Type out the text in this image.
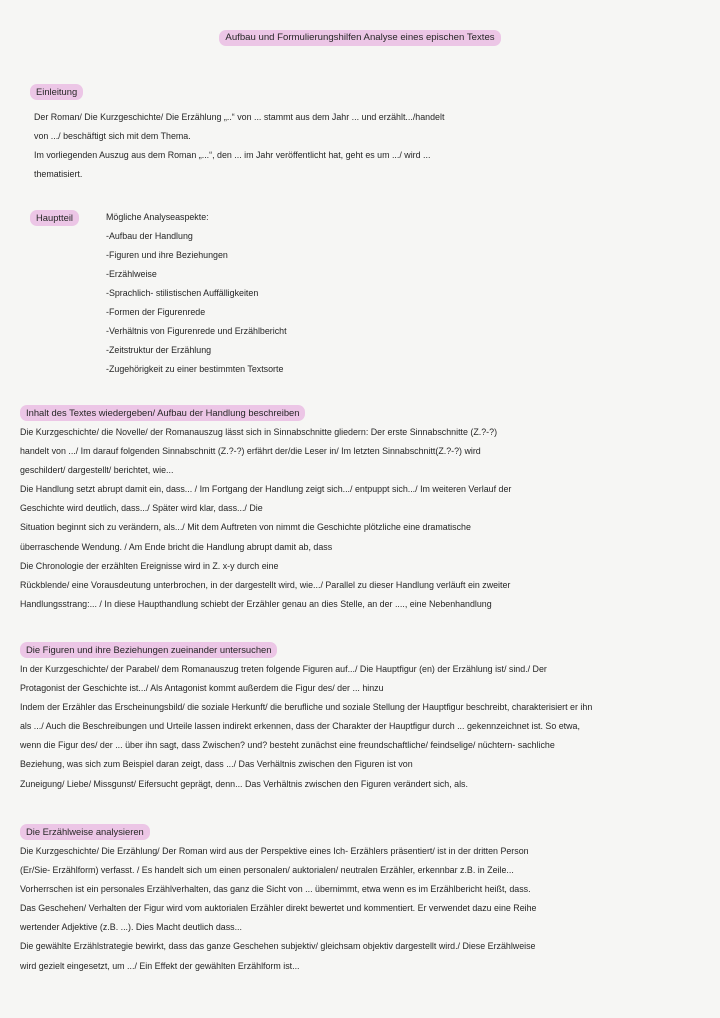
Aufbau und Formulierungshilfen Analyse eines epischen Textes
Einleitung
Der Roman/ Die Kurzgeschichte/ Die Erzählung „..“ von ... stammt aus dem Jahr ... und erzählt.../handelt
von .../ beschäftigt sich mit dem Thema.
Im vorliegenden Auszug aus dem Roman „...“, den ... im Jahr veröffentlicht hat, geht es um .../ wird ...
thematisiert.
Hauptteil	Mögliche Analyseaspekte:
-Aufbau der Handlung
-Figuren und ihre Beziehungen
-Erzählweise
-Sprachlich- stilistischen Auffälligkeiten
-Formen der Figurenrede
-Verhältnis von Figurenrede und Erzählbericht
-Zeitstruktur der Erzählung
-Zugehörigkeit zu einer bestimmten Textsorte
Inhalt des Textes wiedergeben/ Aufbau der Handlung beschreiben
Die Kurzgeschichte/ die Novelle/ der Romanauszug lässt sich in Sinnabschnitte gliedern: Der erste Sinnabschnitte (Z.?-?)
handelt von .../ Im darauf folgenden Sinnabschnitt (Z.?-?) erfährt der/die Leser in/ Im letzten Sinnabschnitt(Z.?-?) wird
geschildert/ dargestellt/ berichtet, wie...
Die Handlung setzt abrupt damit ein, dass... / Im Fortgang der Handlung zeigt sich.../ entpuppt sich.../ Im weiteren Verlauf der
Geschichte wird deutlich, dass.../ Später wird klar, dass.../ Die
Situation beginnt sich zu verändern, als.../ Mit dem Auftreten von nimmt die Geschichte plötzliche eine dramatische
überraschende Wendung. / Am Ende bricht die Handlung abrupt damit ab, dass
Die Chronologie der erzählten Ereignisse wird in Z. x-y durch eine
Rückblende/ eine Vorausdeutung unterbrochen, in der dargestellt wird, wie.../ Parallel zu dieser Handlung verläuft ein zweiter
Handlungsstrang:... / In diese Haupthandlung schiebt der Erzähler genau an dies Stelle, an der ...., eine Nebenhandlung
Die Figuren und ihre Beziehungen zueinander untersuchen
In der Kurzgeschichte/ der Parabel/ dem Romanauszug treten folgende Figuren auf.../ Die Hauptfigur (en) der Erzählung ist/ sind./ Der
Protagonist der Geschichte ist.../ Als Antagonist kommt außerdem die Figur des/ der ... hinzu
Indem der Erzähler das Erscheinungsbild/ die soziale Herkunft/ die berufliche und soziale Stellung der Hauptfigur beschreibt, charakterisiert er ihn
als .../ Auch die Beschreibungen und Urteile lassen indirekt erkennen, dass der Charakter der Hauptfigur durch ... gekennzeichnet ist. So etwa,
wenn die Figur des/ der ... über ihn sagt, dass Zwischen? und? besteht zunächst eine freundschaftliche/ feindselige/ nüchtern- sachliche
Beziehung, was sich zum Beispiel daran zeigt, dass .../ Das Verhältnis zwischen den Figuren ist von
Zuneigung/ Liebe/ Missgunst/ Eifersucht geprägt, denn... Das Verhältnis zwischen den Figuren verändert sich, als.
Die Erzählweise analysieren
Die Kurzgeschichte/ Die Erzählung/ Der Roman wird aus der Perspektive eines Ich- Erzählers präsentiert/ ist in der dritten Person
(Er/Sie- Erzählform) verfasst. / Es handelt sich um einen personalen/ auktorialen/ neutralen Erzähler, erkennbar z.B. in Zeile...
Vorherrschen ist ein personales Erzählverhalten, das ganz die Sicht von ... übernimmt, etwa wenn es im Erzählbericht heißt, dass.
Das Geschehen/ Verhalten der Figur wird vom auktorialen Erzähler direkt bewertet und kommentiert. Er verwendet dazu eine Reihe
wertender Adjektive (z.B. ...). Dies Macht deutlich dass...
Die gewählte Erzählstrategie bewirkt, dass das ganze Geschehen subjektiv/ gleichsam objektiv dargestellt wird./ Diese Erzählweise
wird gezielt eingesetzt, um .../ Ein Effekt der gewählten Erzählform ist...
